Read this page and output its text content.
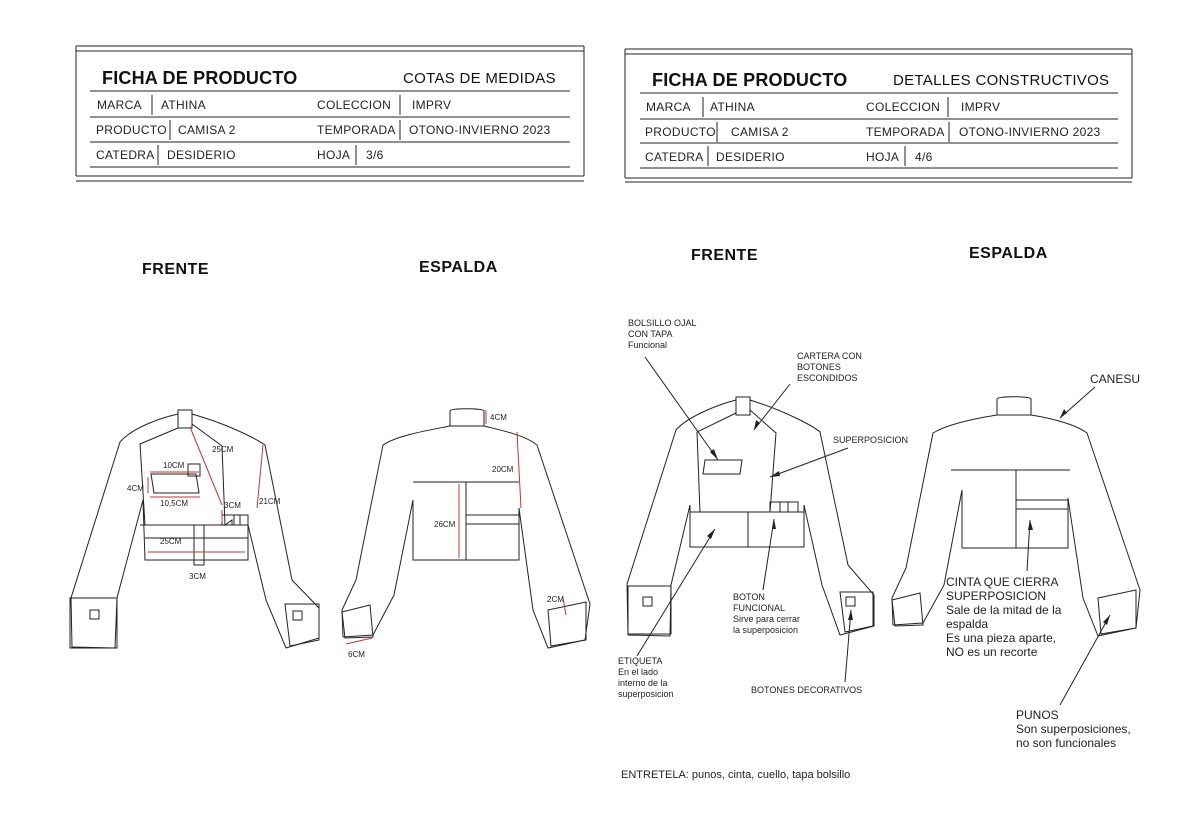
FICHA DE PRODUCTO	COTAS DE MEDIDAS
MARCA ATHINA	COLECCION IMPRV
PRODUCTO CAMISA 2	TEMPORADA OTONO-INVIERNO 2023
CATEDRA DESIDERIO	HOJA 3/6
FICHA DE PRODUCTO	DETALLES CONSTRUCTIVOS
MARCA ATHINA	COLECCION IMPRV
PRODUCTO CAMISA 2	TEMPORADA OTONO-INVIERNO 2023
CATEDRA DESIDERIO	HOJA 4/6
FRENTE	ESPALDA
FRENTE	ESPALDA
25CM
10CM
4CM
10,5CM	3CM 21CM
25CM
3CM
4CM
20CM
26CM
2CM
6CM
BOLSILLO OJAL
CON TAPA
Funcional
CARTERA CON
BOTONES
ESCONDIDOS
SUPERPOSICION
BOTON
FUNCIONAL
Sirve para cerrar
la superposicion
ETIQUETA
En el lado
interno de la
superposicion	BOTONES DECORATIVOS
CANESU
CINTA QUE CIERRA
SUPERPOSICION
Sale de la mitad de la
espalda
Es una pieza aparte,
NO es un recorte
PUNOS
Son superposiciones,
no son funcionales
ENTRETELA: punos, cinta, cuello, tapa bolsillo
